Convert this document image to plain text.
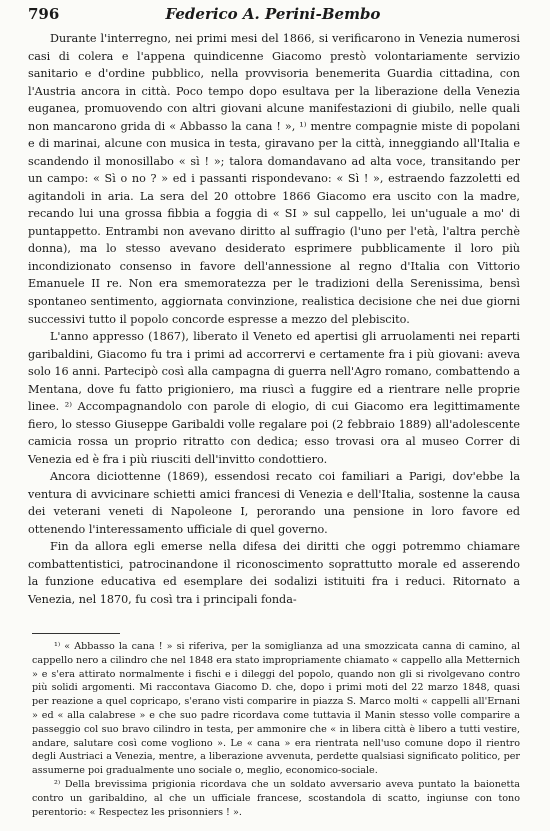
796	Federico A. Perini-Bembo

Durante l'interregno, nei primi mesi del 1866, si verificarono in Venezia numerosi casi di colera e l'appena quindicenne Giacomo prestò volontariamente servizio sanitario e d'ordine pubblico, nella provvisoria benemerita Guardia cittadina, con l'Austria ancora in città. Poco tempo dopo esultava per la liberazione della Venezia euganea, promuovendo con altri giovani alcune manifestazioni di giubilo, nelle quali non mancarono grida di « Abbasso la cana ! », ¹⁾ mentre compagnie miste di popolani e di marinai, alcune con musica in testa, giravano per la città, inneggiando all'Italia e scandendo il monosillabo « sì ! »; talora domandavano ad alta voce, transitando per un campo: « Sì o no ? » ed i passanti rispondevano: « Sì ! », estraendo fazzoletti ed agitandoli in aria. La sera del 20 ottobre 1866 Giacomo era uscito con la madre, recando lui una grossa fibbia a foggia di « SI » sul cappello, lei un'uguale a mo' di puntappetto. Entrambi non avevano diritto al suffragio (l'uno per l'età, l'altra perchè donna), ma lo stesso avevano desiderato esprimere pubblicamente il loro più incondizionato consenso in favore dell'annessione al regno d'Italia con Vittorio Emanuele II re. Non era smemoratezza per le tradizioni della Serenissima, bensì spontaneo sentimento, aggiornata convinzione, realistica decisione che nei due giorni successivi tutto il popolo concorde espresse a mezzo del plebiscito.

L'anno appresso (1867), liberato il Veneto ed apertisi gli arruolamenti nei reparti garibaldini, Giacomo fu tra i primi ad accorrervi e certamente fra i più giovani: aveva solo 16 anni. Partecipò così alla campagna di guerra nell'Agro romano, combattendo a Mentana, dove fu fatto prigioniero, ma riuscì a fuggire ed a rientrare nelle proprie linee. ²⁾ Accompagnandolo con parole di elogio, di cui Giacomo era legittimamente fiero, lo stesso Giuseppe Garibaldi volle regalare poi (2 febbraio 1889) all'adolescente camicia rossa un proprio ritratto con dedica; esso trovasi ora al museo Correr di Venezia ed è fra i più riusciti dell'invitto condottiero.

Ancora diciottenne (1869), essendosi recato coi familiari a Parigi, dov'ebbe la ventura di avvicinare schietti amici francesi di Venezia e dell'Italia, sostenne la causa dei veterani veneti di Napoleone I, perorando una pensione in loro favore ed ottenendo l'interessamento ufficiale di quel governo.

Fin da allora egli emerse nella difesa dei diritti che oggi potremmo chiamare combattentistici, patrocinandone il riconoscimento soprattutto morale ed asserendo la funzione educativa ed esemplare dei sodalizi istituiti fra i reduci. Ritornato a Venezia, nel 1870, fu così tra i principali fonda-

¹⁾ « Abbasso la cana ! » si riferiva, per la somiglianza ad una smozzicata canna di camino, al cappello nero a cilindro che nel 1848 era stato impropriamente chiamato « cappello alla Metternich » e s'era attirato normalmente i fischi e i dileggi del popolo, quando non gli si rivolgevano contro più solidi argomenti. Mi raccontava Giacomo D. che, dopo i primi moti del 22 marzo 1848, quasi per reazione a quel copricapo, s'erano visti comparire in piazza S. Marco molti « cappelli all'Ernani » ed « alla calabrese » e che suo padre ricordava come tuttavia il Manin stesso volle comparire a passeggio col suo bravo cilindro in testa, per ammonire che « in libera città è libero a tutti vestire, andare, salutare così come vogliono ». Le « cana » era rientrata nell'uso comune dopo il rientro degli Austriaci a Venezia, mentre, a liberazione avvenuta, perdette qualsiasi significato politico, per assumerne poi gradualmente uno sociale o, meglio, economico-sociale.

²⁾ Della brevissima prigionia ricordava che un soldato avversario aveva puntato la baionetta contro un garibaldino, al che un ufficiale francese, scostandola di scatto, ingiunse con tono perentorio: « Respectez les prisonniers ! ».
